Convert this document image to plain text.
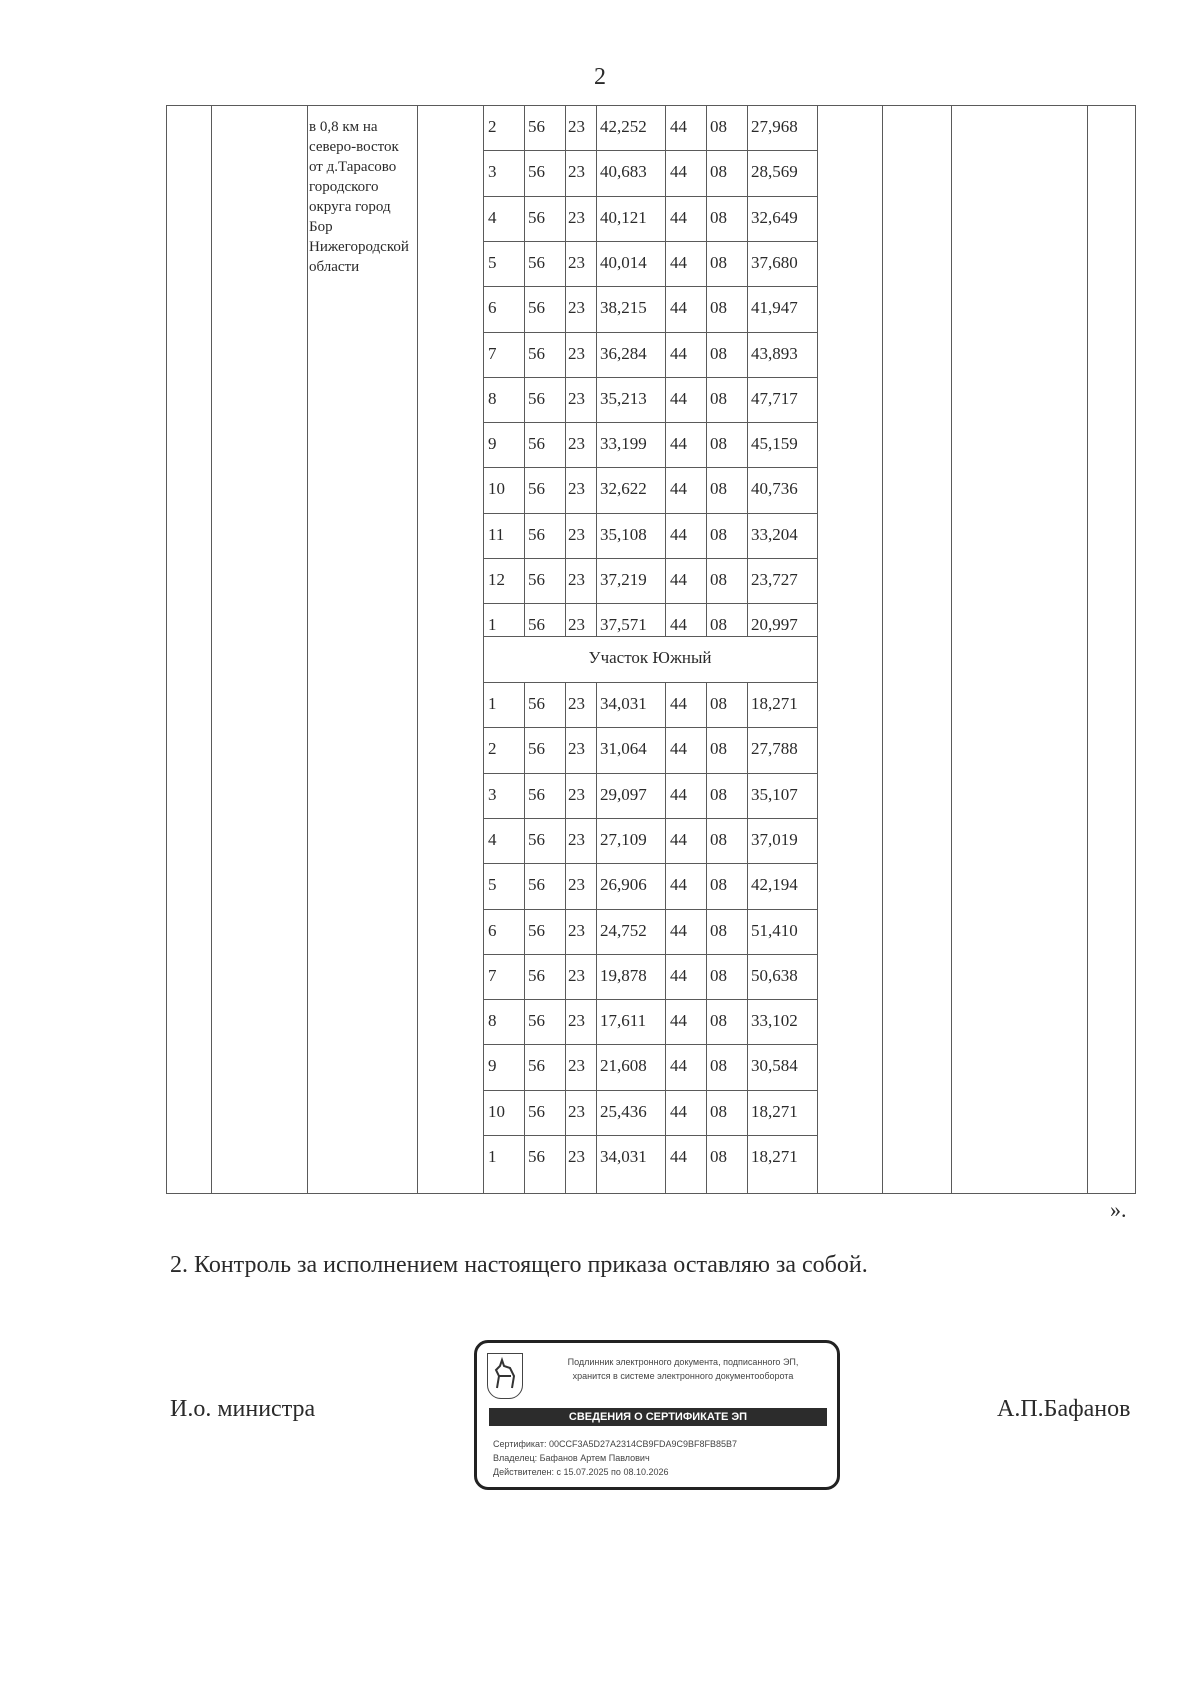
2
в 0,8 км на северо-восток от д.Тарасово городского округа город Бор Нижегородской области
2 56 23 42,252 44 08 27,968
3 56 23 40,683 44 08 28,569
4 56 23 40,121 44 08 32,649
5 56 23 40,014 44 08 37,680
6 56 23 38,215 44 08 41,947
7 56 23 36,284 44 08 43,893
8 56 23 35,213 44 08 47,717
9 56 23 33,199 44 08 45,159
10 56 23 32,622 44 08 40,736
11 56 23 35,108 44 08 33,204
12 56 23 37,219 44 08 23,727
1 56 23 37,571 44 08 20,997
1 56 23 34,031 44 08 18,271
2 56 23 31,064 44 08 27,788
3 56 23 29,097 44 08 35,107
4 56 23 27,109 44 08 37,019
5 56 23 26,906 44 08 42,194
6 56 23 24,752 44 08 51,410
7 56 23 19,878 44 08 50,638
8 56 23 17,611 44 08 33,102
9 56 23 21,608 44 08 30,584
10 56 23 25,436 44 08 18,271
1 56 23 34,031 44 08 18,271
Участок Южный
».
2. Контроль за исполнением настоящего приказа оставляю за собой.
И.о. министра	А.П.Бафанов
Подлинник электронного документа, подписанного ЭП,
хранится в системе электронного документооборота
СВЕДЕНИЯ О СЕРТИФИКАТЕ ЭП
Сертификат: 00CCF3A5D27A2314CB9FDA9C9BF8FB85B7
Владелец: Бафанов Артем Павлович
Действителен: с 15.07.2025 по 08.10.2026
